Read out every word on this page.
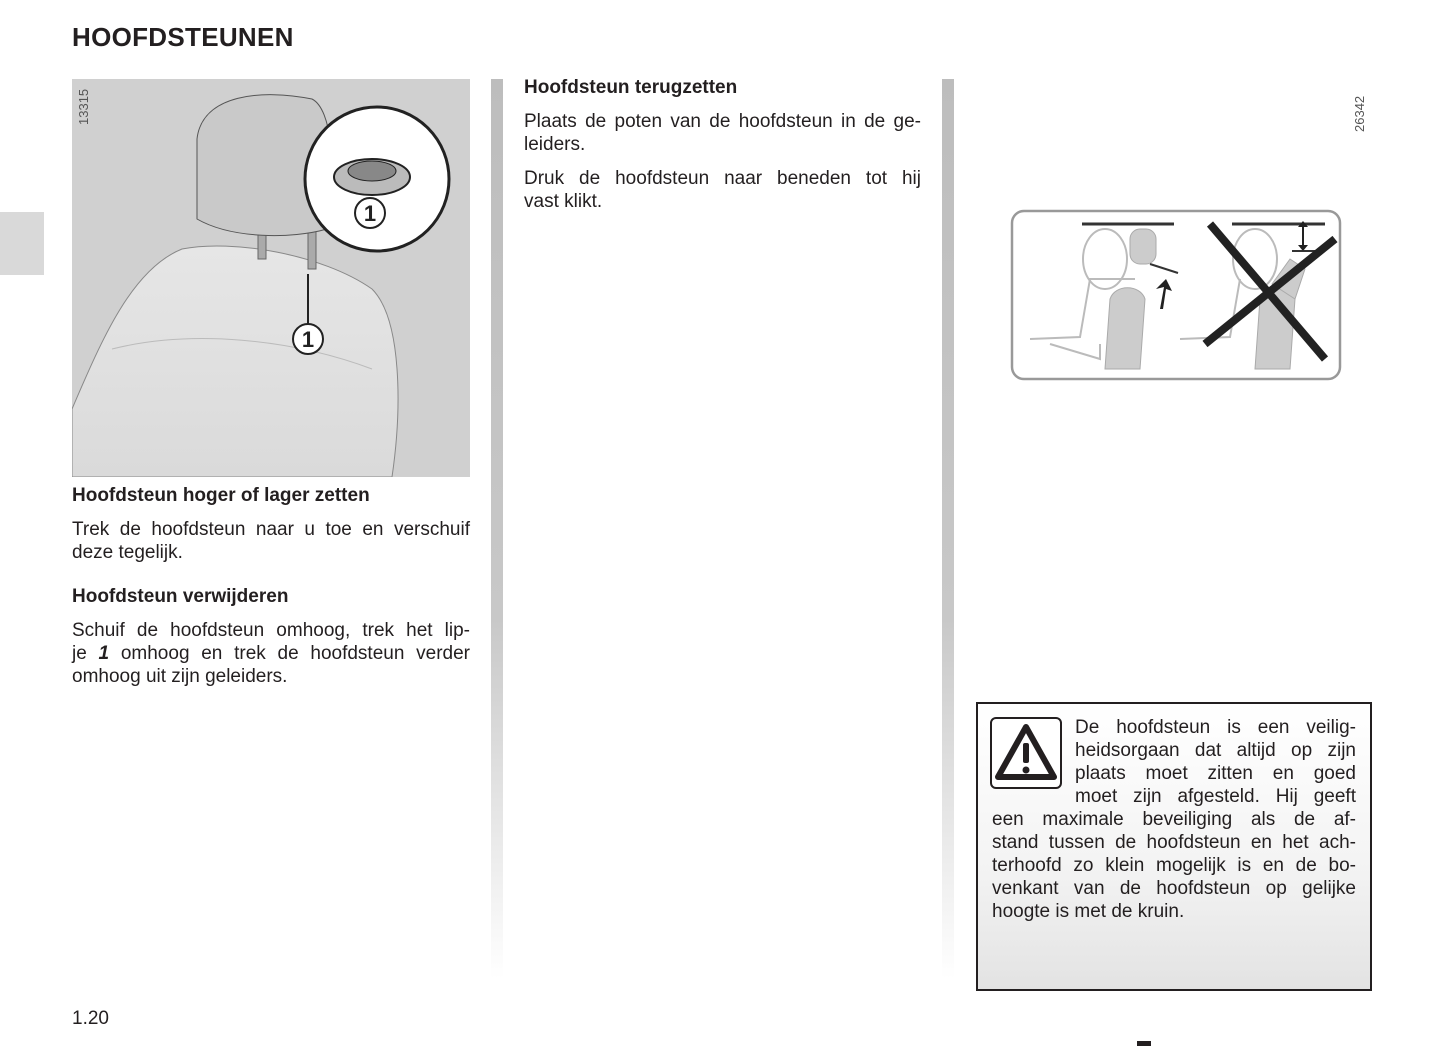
HOOFDSTEUNEN
1
1
13315

Hoofdsteun hoger of lager zetten

Trek de hoofdsteun naar u toe en verschuif
deze tegelijk.

Hoofdsteun verwijderen

Schuif de hoofdsteun omhoog, trek het lip-
je 1 omhoog en trek de hoofdsteun verder
omhoog uit zijn geleiders.

Hoofdsteun terugzetten

Plaats de poten van de hoofdsteun in de ge-
leiders.

Druk de hoofdsteun naar beneden tot hij
vast klikt.

26342

De hoofdsteun is een veilig-
heidsorgaan dat altijd op zijn
plaats moet zitten en goed
moet zijn afgesteld. Hij geeft

een maximale beveiliging als de af-
stand tussen de hoofdsteun en het ach-
terhoofd zo klein mogelijk is en de bo-
venkant van de hoofdsteun op gelijke
hoogte is met de kruin.

1.20
